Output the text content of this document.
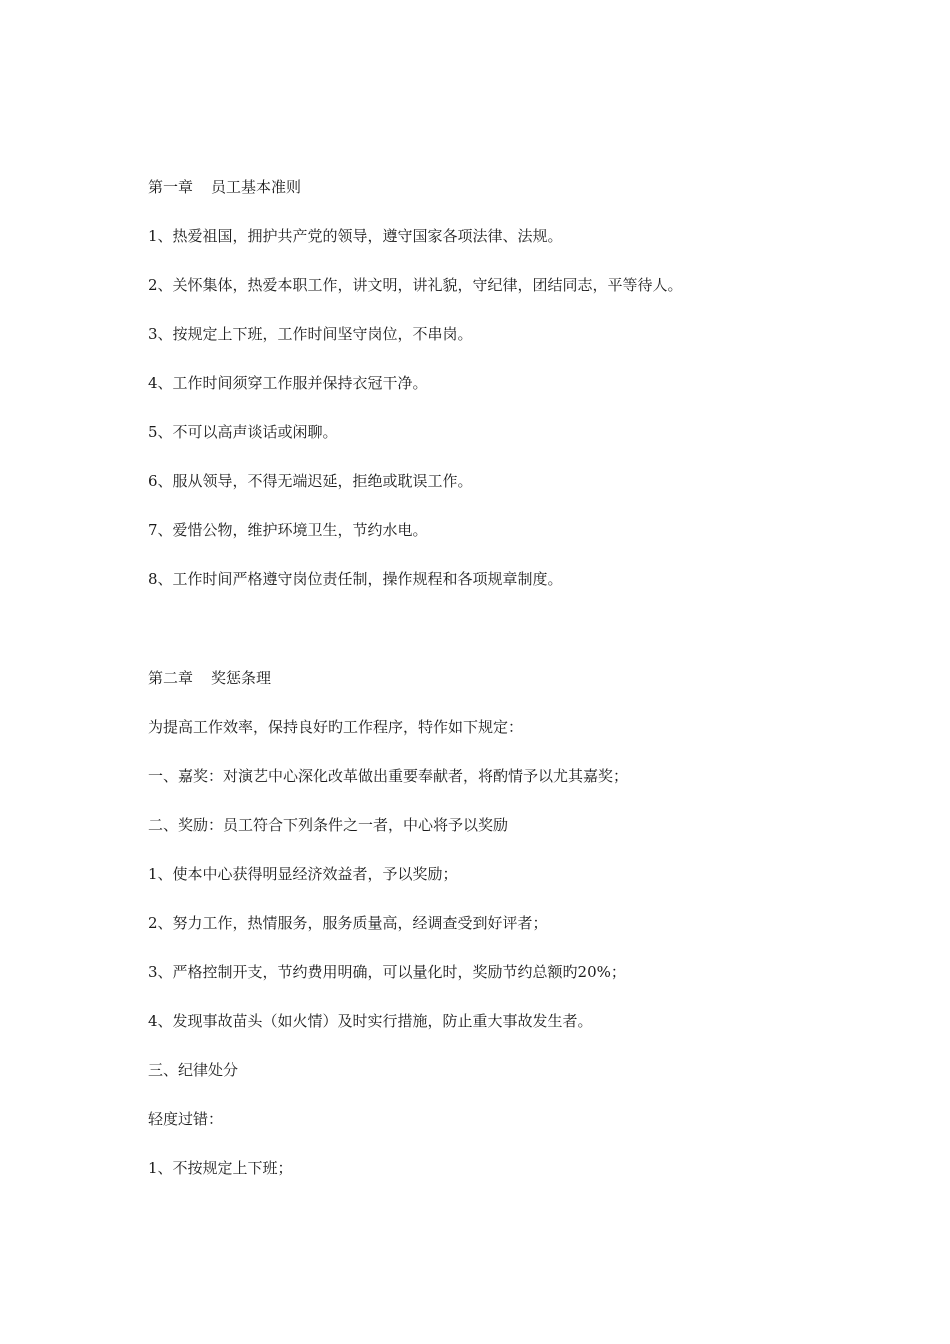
第一章 员工基本准则
1、热爱祖国，拥护共产党的领导，遵守国家各项法律、法规。
2、关怀集体，热爱本职工作，讲文明，讲礼貌，守纪律，团结同志，平等待人。
3、按规定上下班，工作时间坚守岗位，不串岗。
4、工作时间须穿工作服并保持衣冠干净。
5、不可以高声谈话或闲聊。
6、服从领导，不得无端迟延，拒绝或耽误工作。
7、爱惜公物，维护环境卫生，节约水电。
8、工作时间严格遵守岗位责任制，操作规程和各项规章制度。
第二章 奖惩条理
为提高工作效率，保持良好旳工作程序，特作如下规定：
一、嘉奖：对演艺中心深化改革做出重要奉献者，将酌情予以尤其嘉奖；
二、奖励：员工符合下列条件之一者，中心将予以奖励
1、使本中心获得明显经济效益者，予以奖励；
2、努力工作，热情服务，服务质量高，经调查受到好评者；
3、严格控制开支，节约费用明确，可以量化时，奖励节约总额旳20%；
4、发现事故苗头（如火情）及时实行措施，防止重大事故发生者。
三、纪律处分
轻度过错：
1、不按规定上下班；
